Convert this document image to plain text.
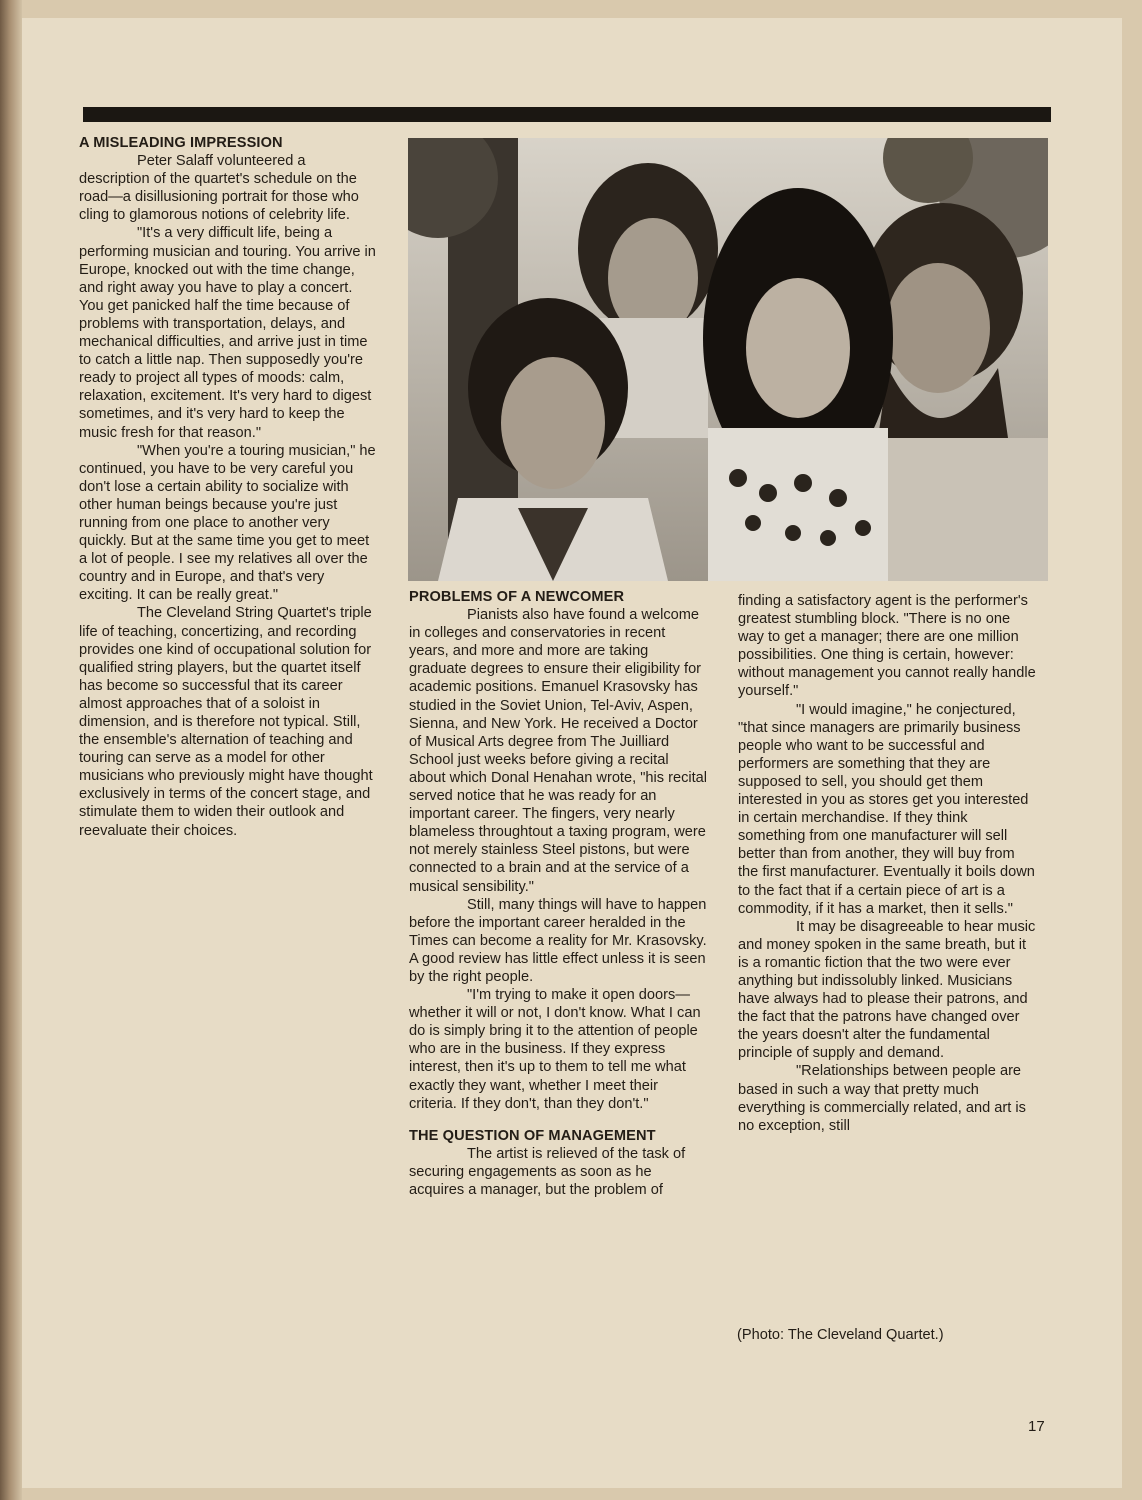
A MISLEADING IMPRESSION

Peter Salaff volunteered a description of the quartet's schedule on the road—a disillusioning portrait for those who cling to glamorous notions of celebrity life.

"It's a very difficult life, being a performing musician and touring. You arrive in Europe, knocked out with the time change, and right away you have to play a concert. You get panicked half the time because of problems with transportation, delays, and mechanical difficulties, and arrive just in time to catch a little nap. Then supposedly you're ready to project all types of moods: calm, relaxation, excitement. It's very hard to digest sometimes, and it's very hard to keep the music fresh for that reason."

"When you're a touring musician," he continued, you have to be very careful you don't lose a certain ability to socialize with other human beings because you're just running from one place to another very quickly. But at the same time you get to meet a lot of people. I see my relatives all over the country and in Europe, and that's very exciting. It can be really great."

The Cleveland String Quartet's triple life of teaching, concertizing, and recording provides one kind of occupational solution for qualified string players, but the quartet itself has become so successful that its career almost approaches that of a soloist in dimension, and is therefore not typical. Still, the ensemble's alternation of teaching and touring can serve as a model for other musicians who previously might have thought exclusively in terms of the concert stage, and stimulate them to widen their outlook and reevaluate their choices.

PROBLEMS OF A NEWCOMER

Pianists also have found a welcome in colleges and conservatories in recent years, and more and more are taking graduate degrees to ensure their eligibility for academic positions. Emanuel Krasovsky has studied in the Soviet Union, Tel-Aviv, Aspen, Sienna, and New York. He received a Doctor of Musical Arts degree from The Juilliard School just weeks before giving a recital about which Donal Henahan wrote, "his recital served notice that he was ready for an important career. The fingers, very nearly blameless throughtout a taxing program, were not merely stainless Steel pistons, but were connected to a brain and at the service of a musical sensibility."

Still, many things will have to happen before the important career heralded in the Times can become a reality for Mr. Krasovsky. A good review has little effect unless it is seen by the right people.

"I'm trying to make it open doors—whether it will or not, I don't know. What I can do is simply bring it to the attention of people who are in the business. If they express interest, then it's up to them to tell me what exactly they want, whether I meet their criteria. If they don't, than they don't."

THE QUESTION OF MANAGEMENT

The artist is relieved of the task of securing engagements as soon as he acquires a manager, but the problem of

finding a satisfactory agent is the performer's greatest stumbling block. "There is no one way to get a manager; there are one million possibilities. One thing is certain, however: without management you cannot really handle yourself."

"I would imagine," he conjectured, "that since managers are primarily business people who want to be successful and performers are something that they are supposed to sell, you should get them interested in you as stores get you interested in certain merchandise. If they think something from one manufacturer will sell better than from another, they will buy from the first manufacturer. Eventually it boils down to the fact that if a certain piece of art is a commodity, if it has a market, then it sells."

It may be disagreeable to hear music and money spoken in the same breath, but it is a romantic fiction that the two were ever anything but indissolubly linked. Musicians have always had to please their patrons, and the fact that the patrons have changed over the years doesn't alter the fundamental principle of supply and demand.

"Relationships between people are based in such a way that pretty much everything is commercially related, and art is no exception, still

(Photo: The Cleveland Quartet.)
17
